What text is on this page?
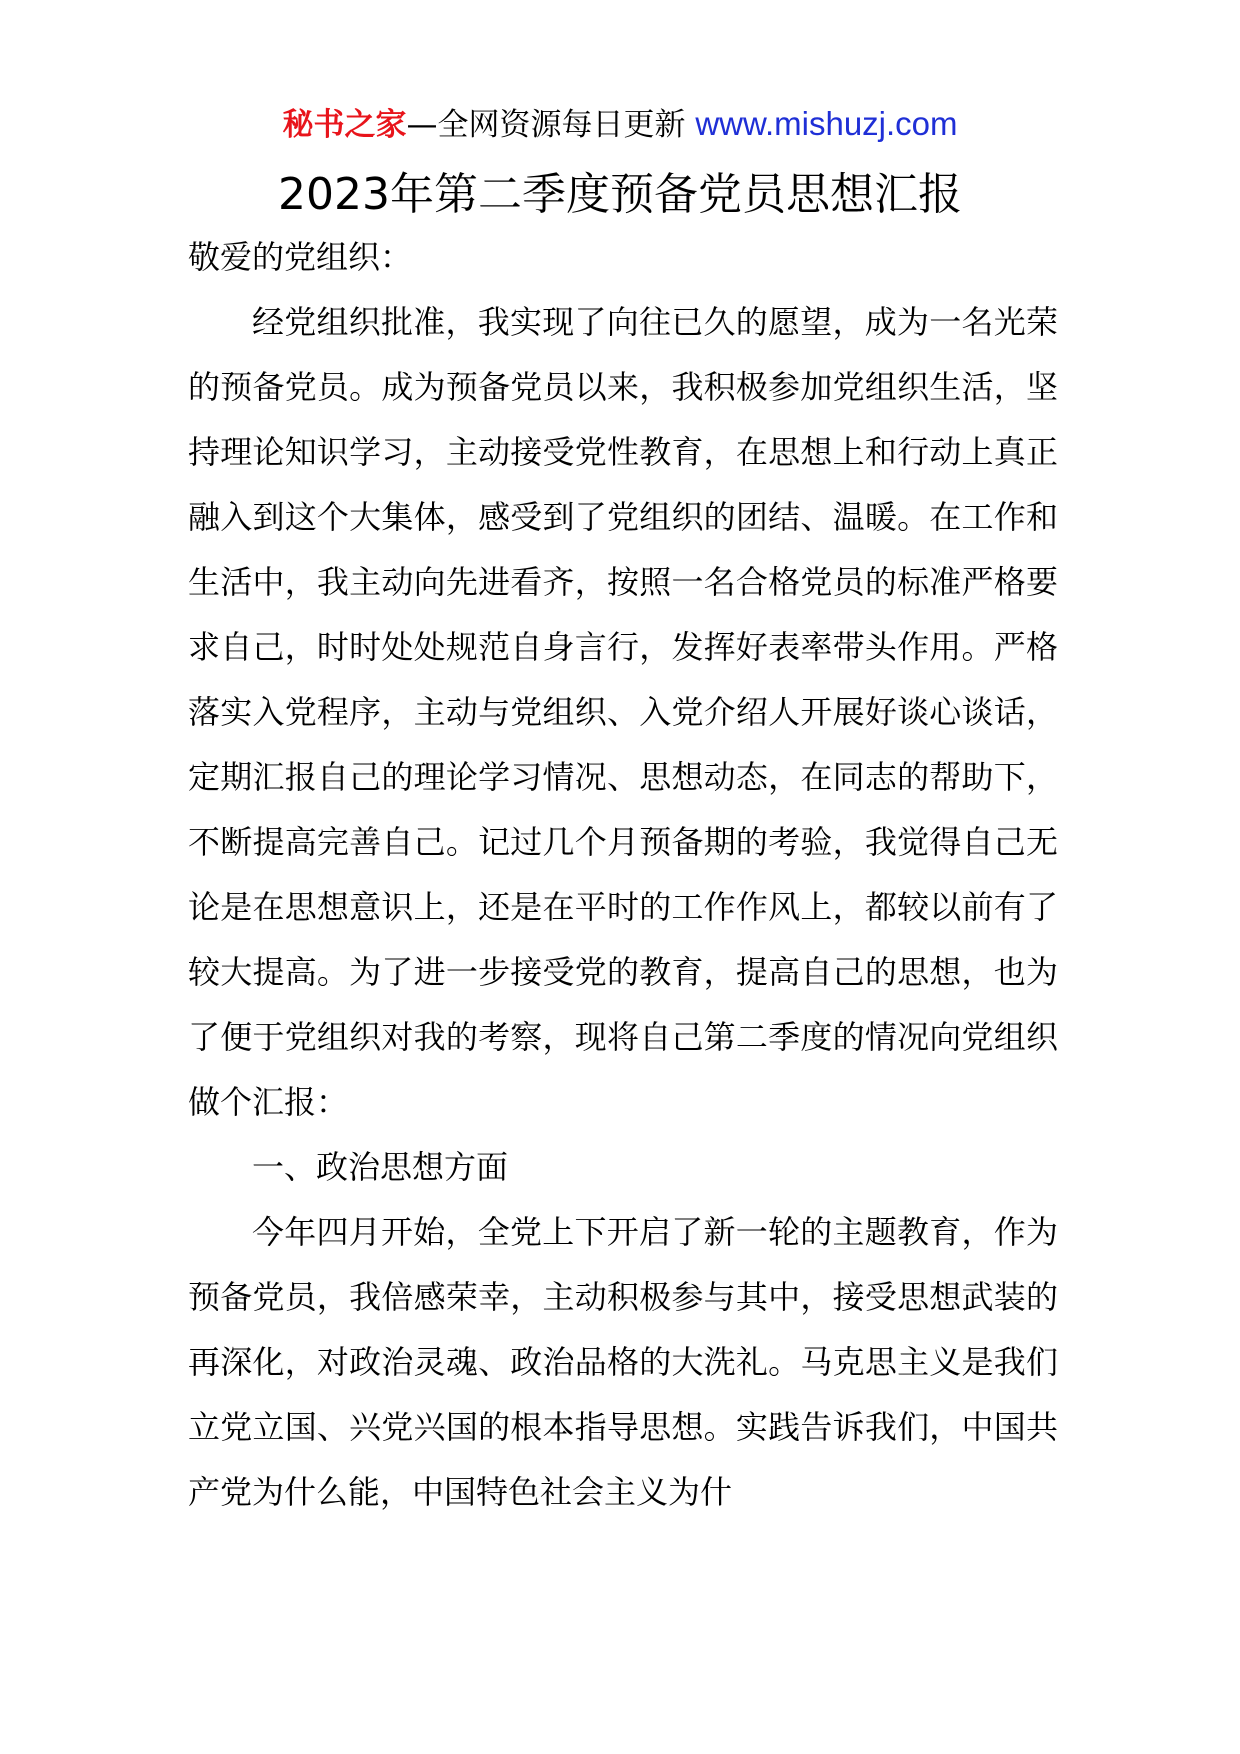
秘书之家—全网资源每日更新 www.mishuzj.com
2023年第二季度预备党员思想汇报

敬爱的党组织：

经党组织批准，我实现了向往已久的愿望，成为一名光荣的预备党员。成为预备党员以来，我积极参加党组织生活，坚持理论知识学习，主动接受党性教育，在思想上和行动上真正融入到这个大集体，感受到了党组织的团结、温暖。在工作和生活中，我主动向先进看齐，按照一名合格党员的标准严格要求自己，时时处处规范自身言行，发挥好表率带头作用。严格落实入党程序，主动与党组织、入党介绍人开展好谈心谈话，定期汇报自己的理论学习情况、思想动态，在同志的帮助下，不断提高完善自己。记过几个月预备期的考验，我觉得自己无论是在思想意识上，还是在平时的工作作风上，都较以前有了较大提高。为了进一步接受党的教育，提高自己的思想，也为了便于党组织对我的考察，现将自己第二季度的情况向党组织做个汇报：

一、政治思想方面

今年四月开始，全党上下开启了新一轮的主题教育，作为预备党员，我倍感荣幸，主动积极参与其中，接受思想武装的再深化，对政治灵魂、政治品格的大洗礼。马克思主义是我们立党立国、兴党兴国的根本指导思想。实践告诉我们，中国共产党为什么能，中国特色社会主义为什
